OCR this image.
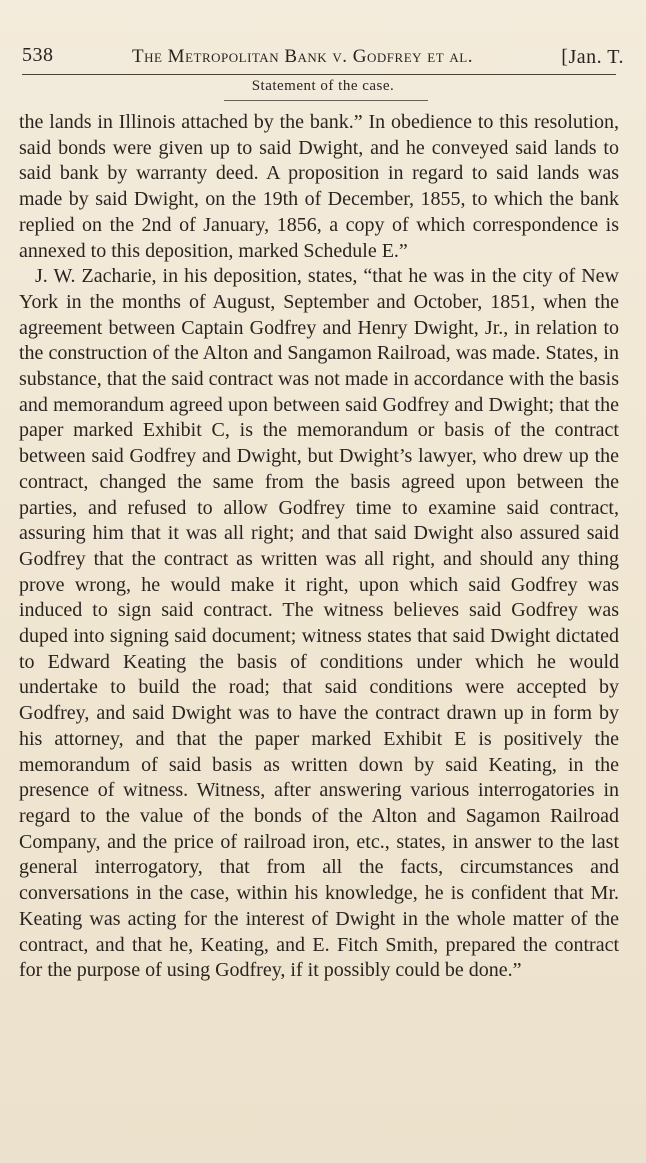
538	The Metropolitan Bank v. Godfrey et al.	[Jan. T.
Statement of the case.

the lands in Illinois attached by the bank.” In obedience to this resolution, said bonds were given up to said Dwight, and he conveyed said lands to said bank by warranty deed. A proposition in regard to said lands was made by said Dwight, on the 19th of December, 1855, to which the bank replied on the 2nd of January, 1856, a copy of which correspondence is annexed to this deposition, marked Schedule E.”

J. W. Zacharie, in his deposition, states, “that he was in the city of New York in the months of August, September and October, 1851, when the agreement between Captain Godfrey and Henry Dwight, Jr., in relation to the construction of the Alton and Sangamon Railroad, was made. States, in substance, that the said contract was not made in accordance with the basis and memorandum agreed upon between said Godfrey and Dwight; that the paper marked Exhibit C, is the memorandum or basis of the contract between said Godfrey and Dwight, but Dwight’s lawyer, who drew up the contract, changed the same from the basis agreed upon between the parties, and refused to allow Godfrey time to examine said contract, assuring him that it was all right; and that said Dwight also assured said Godfrey that the contract as written was all right, and should any thing prove wrong, he would make it right, upon which said Godfrey was induced to sign said contract. The witness believes said Godfrey was duped into signing said document; witness states that said Dwight dictated to Edward Keating the basis of conditions under which he would undertake to build the road; that said conditions were accepted by Godfrey, and said Dwight was to have the contract drawn up in form by his attorney, and that the paper marked Exhibit E is positively the memorandum of said basis as written down by said Keating, in the presence of witness. Witness, after answering various interrogatories in regard to the value of the bonds of the Alton and Sagamon Railroad Company, and the price of railroad iron, etc., states, in answer to the last general interrogatory, that from all the facts, circumstances and conversations in the case, within his knowledge, he is confident that Mr. Keating was acting for the interest of Dwight in the whole matter of the contract, and that he, Keating, and E. Fitch Smith, prepared the contract for the purpose of using Godfrey, if it possibly could be done.”
